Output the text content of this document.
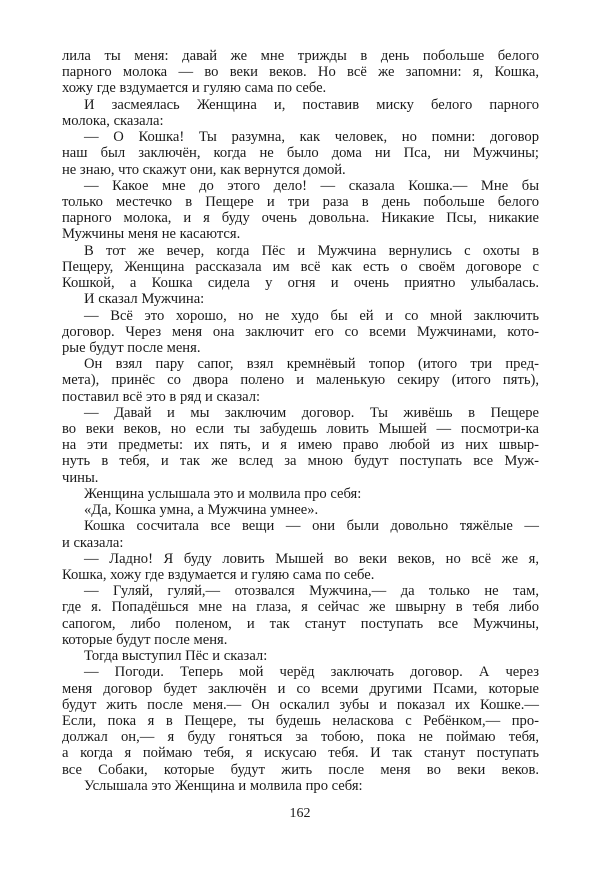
лила ты меня: давай же мне трижды в день побольше белого
парного молока — во веки веков. Но всё же запомни: я, Кошка,
хожу где вздумается и гуляю сама по себе.
И засмеялась Женщина и, поставив миску белого парного
молока, сказала:
— О Кошка! Ты разумна, как человек, но помни: договор
наш был заключён, когда не было дома ни Пса, ни Мужчины;
не знаю, что скажут они, как вернутся домой.
— Какое мне до этого дело! — сказала Кошка.— Мне бы
только местечко в Пещере и три раза в день побольше белого
парного молока, и я буду очень довольна. Никакие Псы, никакие
Мужчины меня не касаются.
В тот же вечер, когда Пёс и Мужчина вернулись с охоты в
Пещеру, Женщина рассказала им всё как есть о своём договоре с
Кошкой, а Кошка сидела у огня и очень приятно улыбалась.
И сказал Мужчина:
— Всё это хорошо, но не худо бы ей и со мной заключить
договор. Через меня она заключит его со всеми Мужчинами, кото-
рые будут после меня.
Он взял пару сапог, взял кремнёвый топор (итого три пред-
мета), принёс со двора полено и маленькую секиру (итого пять),
поставил всё это в ряд и сказал:
— Давай и мы заключим договор. Ты живёшь в Пещере
во веки веков, но если ты забудешь ловить Мышей — посмотри-ка
на эти предметы: их пять, и я имею право любой из них швыр-
нуть в тебя, и так же вслед за мною будут поступать все Муж-
чины.
Женщина услышала это и молвила про себя:
«Да, Кошка умна, а Мужчина умнее».
Кошка сосчитала все вещи — они были довольно тяжёлые —
и сказала:
— Ладно! Я буду ловить Мышей во веки веков, но всё же я,
Кошка, хожу где вздумается и гуляю сама по себе.
— Гуляй, гуляй,— отозвался Мужчина,— да только не там,
где я. Попадёшься мне на глаза, я сейчас же швырну в тебя либо
сапогом, либо поленом, и так станут поступать все Мужчины,
которые будут после меня.
Тогда выступил Пёс и сказал:
— Погоди. Теперь мой черёд заключать договор. А через
меня договор будет заключён и со всеми другими Псами, которые
будут жить после меня.— Он оскалил зубы и показал их Кошке.—
Если, пока я в Пещере, ты будешь неласкова с Ребёнком,— про-
должал он,— я буду гоняться за тобою, пока не поймаю тебя,
а когда я поймаю тебя, я искусаю тебя. И так станут поступать
все Собаки, которые будут жить после меня во веки веков.
Услышала это Женщина и молвила про себя:
162
